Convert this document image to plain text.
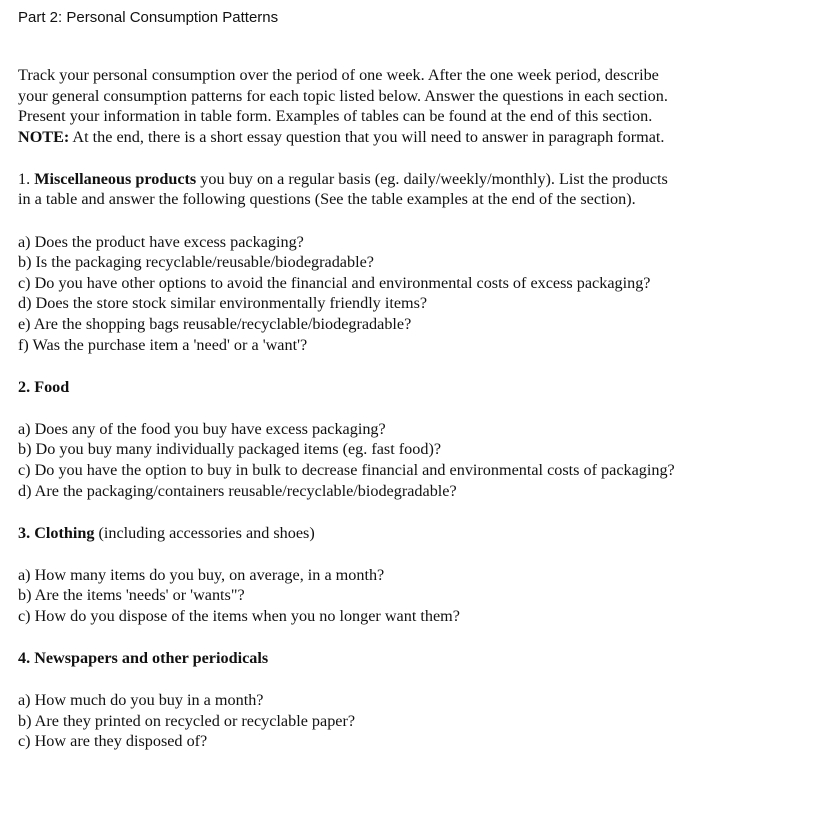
Part 2: Personal Consumption Patterns
Track your personal consumption over the period of one week. After the one week period, describe
your general consumption patterns for each topic listed below. Answer the questions in each section.
Present your information in table form. Examples of tables can be found at the end of this section.
NOTE: At the end, there is a short essay question that you will need to answer in paragraph format.
1. Miscellaneous products you buy on a regular basis (eg. daily/weekly/monthly). List the products
in a table and answer the following questions (See the table examples at the end of the section).
a) Does the product have excess packaging?
b) Is the packaging recyclable/reusable/biodegradable?
c) Do you have other options to avoid the financial and environmental costs of excess packaging?
d) Does the store stock similar environmentally friendly items?
e) Are the shopping bags reusable/recyclable/biodegradable?
f) Was the purchase item a 'need' or a 'want'?
2. Food
a) Does any of the food you buy have excess packaging?
b) Do you buy many individually packaged items (eg. fast food)?
c) Do you have the option to buy in bulk to decrease financial and environmental costs of packaging?
d) Are the packaging/containers reusable/recyclable/biodegradable?
3. Clothing (including accessories and shoes)
a) How many items do you buy, on average, in a month?
b) Are the items 'needs' or 'wants"?
c) How do you dispose of the items when you no longer want them?
4. Newspapers and other periodicals
a) How much do you buy in a month?
b) Are they printed on recycled or recyclable paper?
c) How are they disposed of?
